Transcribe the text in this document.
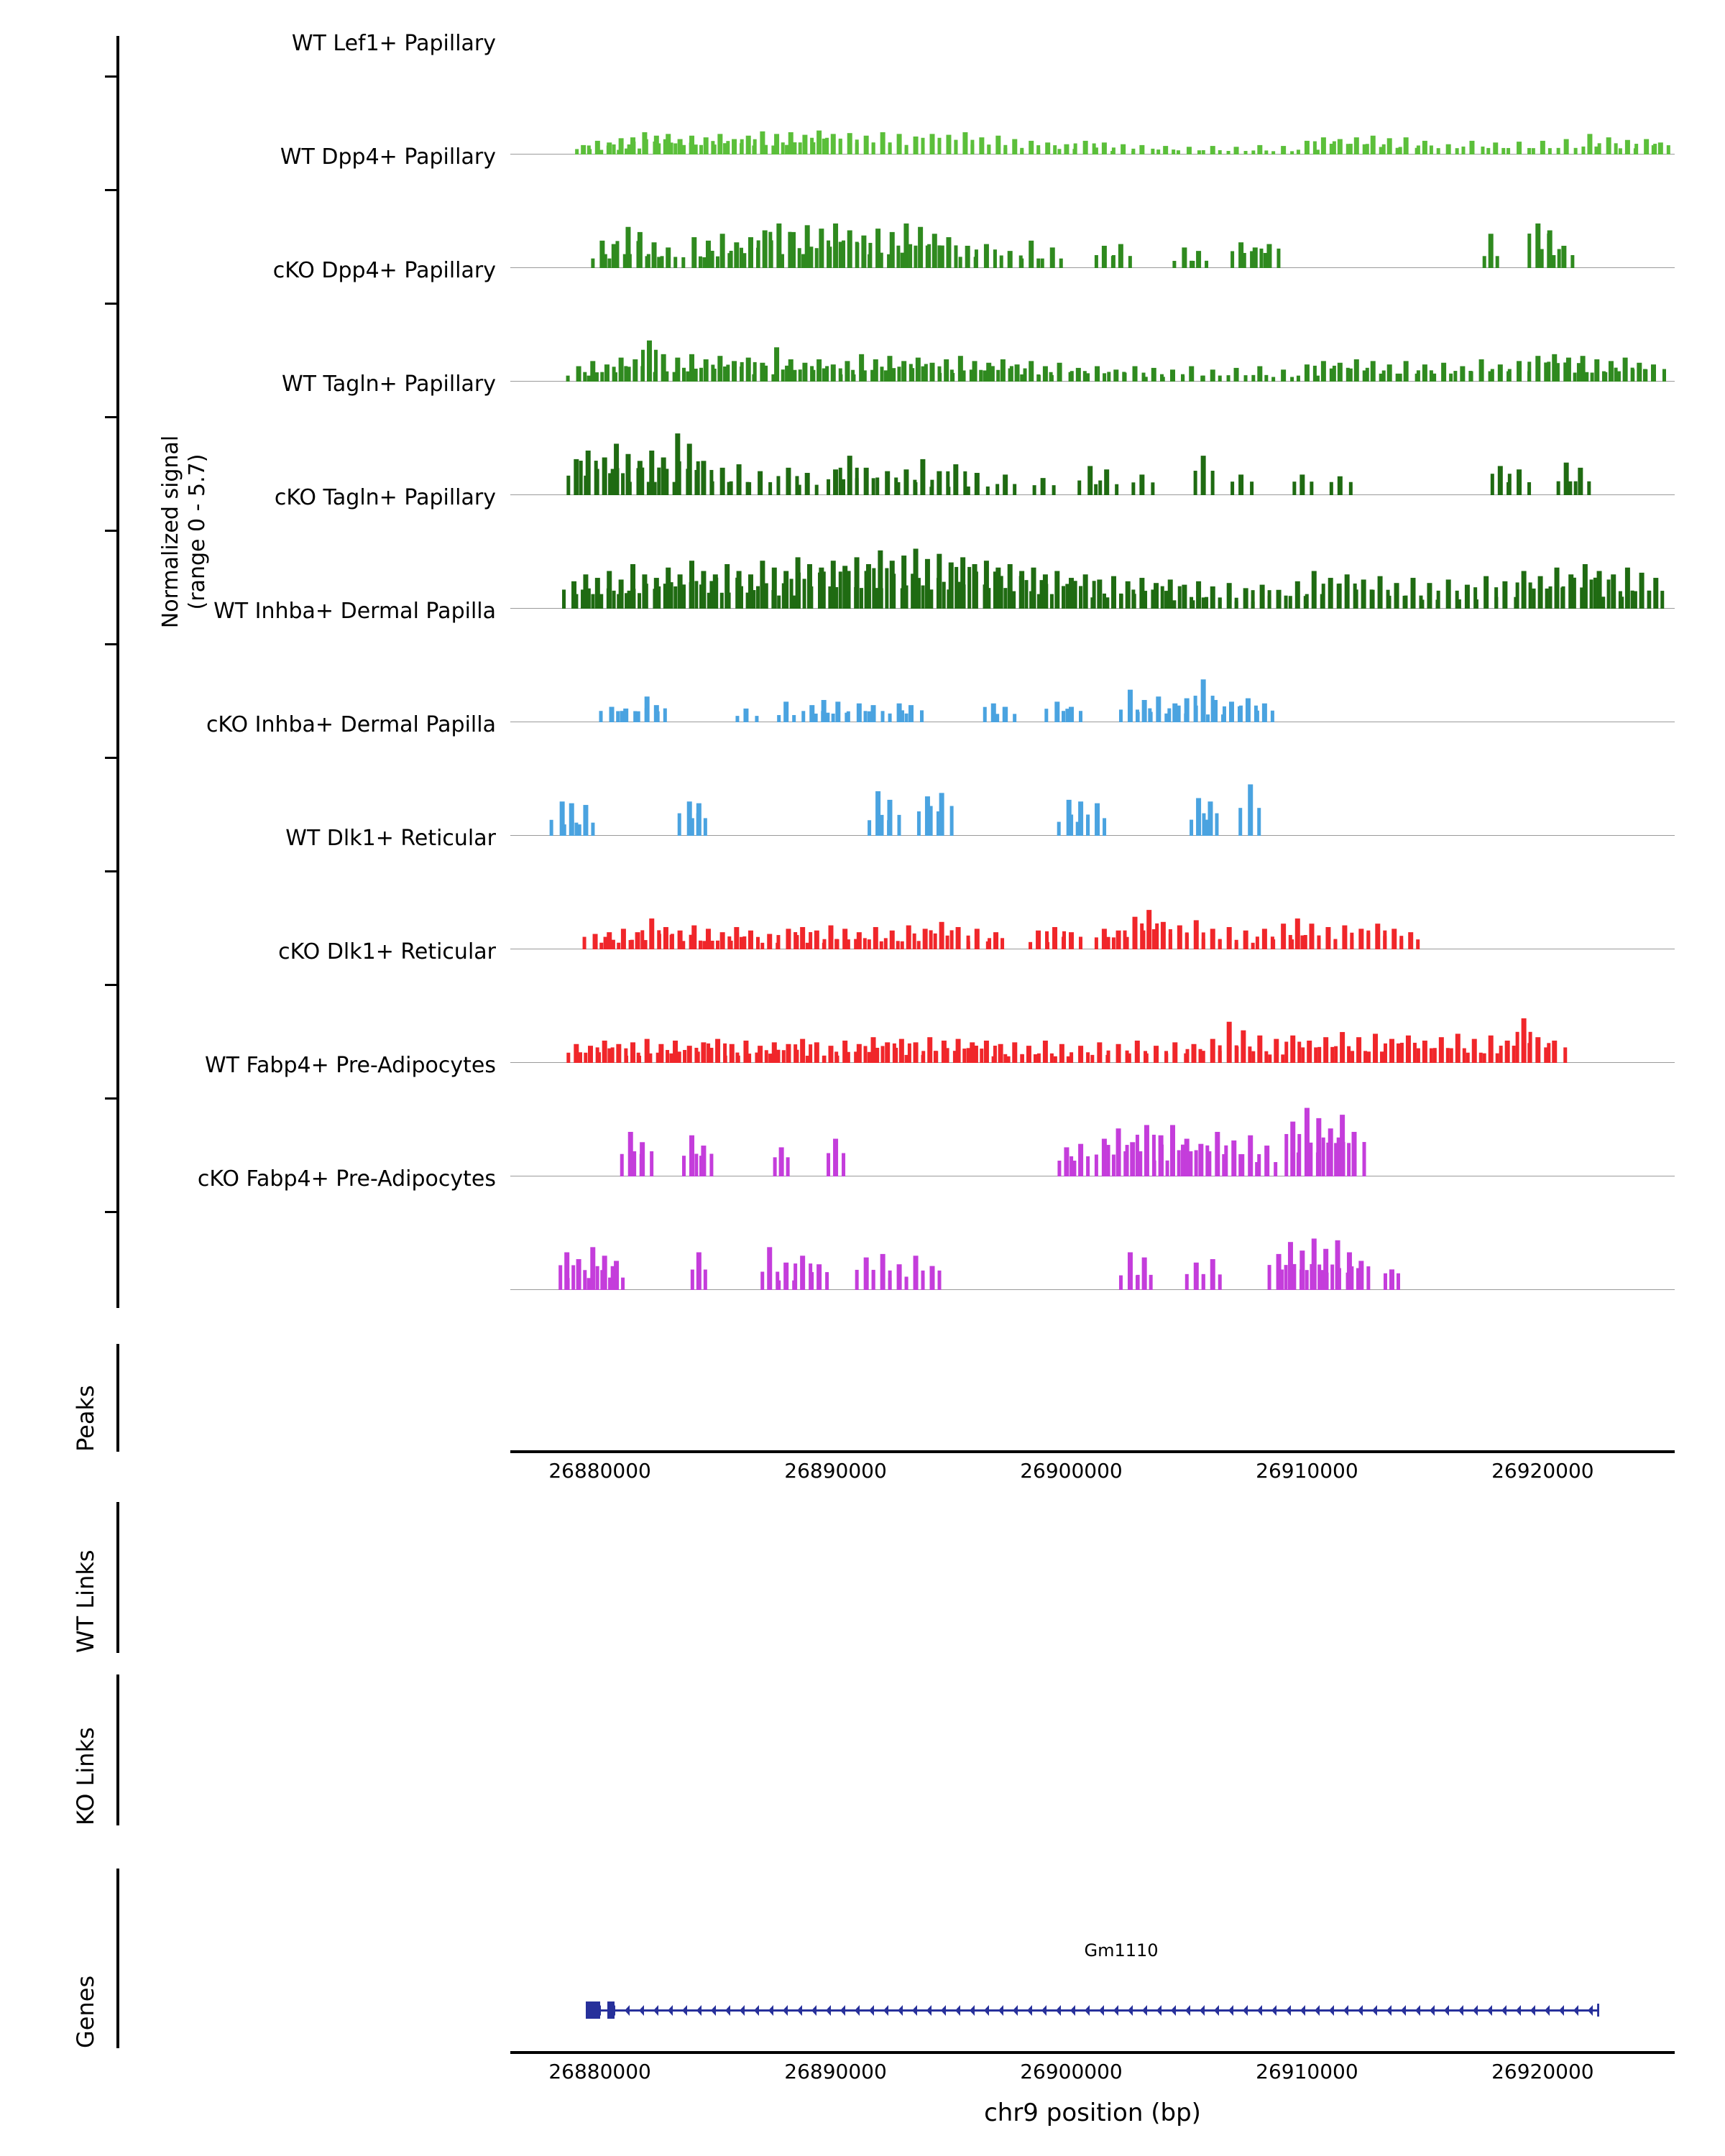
Normalized signal (range 0 - 5.7)
WT Lef1+ Papillary
WT Dpp4+ Papillary
cKO Dpp4+ Papillary
WT Tagln+ Papillary
cKO Tagln+ Papillary
WT Inhba+ Dermal Papilla
cKO Inhba+ Dermal Papilla
WT Dlk1+ Reticular
cKO Dlk1+ Reticular
WT Fabp4+ Pre-Adipocytes
cKO Fabp4+ Pre-Adipocytes
Peaks
26880000	26890000	26900000	26910000	26920000
WT Links
KO Links
Genes
Gm1110
26880000	26890000	26900000	26910000	26920000
chr9 position (bp)
